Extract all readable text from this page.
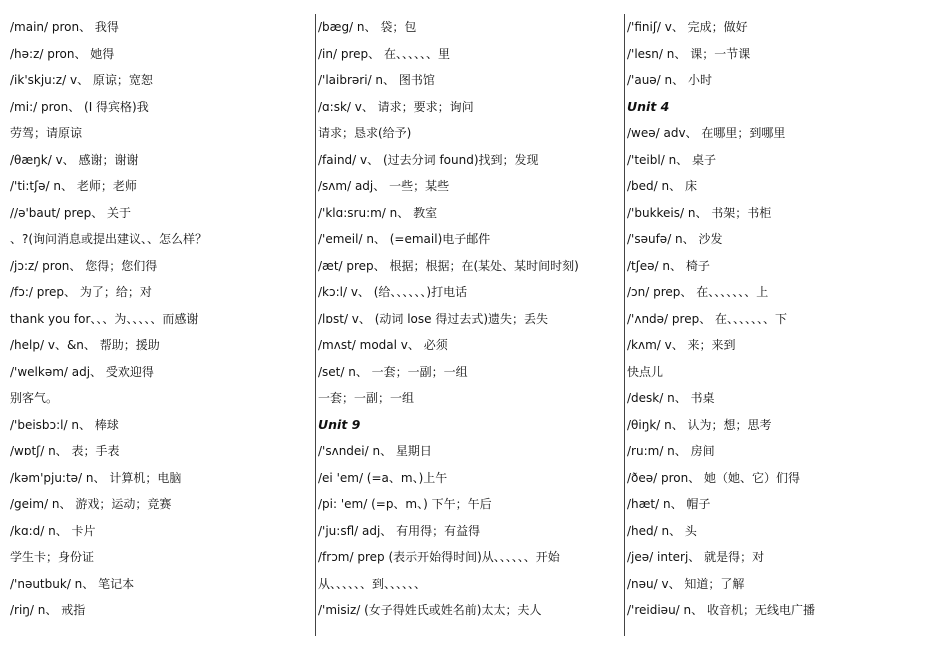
/main/ pron、 我得
/hə:z/ pron、 她得
/ik'skju:z/ v、 原谅；宽恕
/mi:/ pron、 (I 得宾格)我
劳驾；请原谅
/θæŋk/ v、 感谢；谢谢
/'ti:tʃə/ n、 老师；老师
//ə'baut/ prep、 关于
、?(询问消息或提出建议、、怎么样？
/jɔ:z/ pron、 您得；您们得
/fɔ:/ prep、 为了；给；对
thank you for、、、为、、、、、而感谢
/help/ v、&n、 帮助；援助
/'welkəm/ adj、 受欢迎得
别客气。
/'beisbɔ:l/ n、 棒球
/wɒtʃ/ n、 表；手表
/kəm'pju:tə/ n、 计算机；电脑
/geim/ n、 游戏；运动；竞赛
/kɑ:d/ n、 卡片
学生卡；身份证
/'nəutbuk/ n、 笔记本
/riŋ/ n、 戒指
/bæg/ n、 袋；包
/in/ prep、 在、、、、、、里
/'laibrəri/ n、 图书馆
/ɑ:sk/ v、 请求；要求；询问
请求；恳求(给予)
/faind/ v、 (过去分词 found)找到；发现
/sʌm/ adj、 一些；某些
/'klɑ:sru:m/ n、 教室
/'emeil/ n、 (=email)电子邮件
/æt/ prep、 根据；根据；在(某处、某时间时刻)
/kɔ:l/ v、 (给、、、、、、)打电话
/lɒst/ v、 (动词 lose 得过去式)遗失；丢失
/mʌst/ modal v、 必须
/set/ n、 一套；一副；一组
一套；一副；一组
Unit 9
/'sʌndei/ n、 星期日
/ei 'em/ (=a、m、)上午
/pi: 'em/ (=p、m、) 下午；午后
/'ju:sfl/ adj、 有用得；有益得
/frɔm/ prep (表示开始得时间)从、、、、、、开始
从、、、、、、到、、、、、、
/'misiz/ (女子得姓氏或姓名前)太太；夫人
/'finiʃ/ v、 完成；做好
/'lesn/ n、 课；一节课
/'auə/ n、 小时
Unit 4
/weə/ adv、 在哪里；到哪里
/'teibl/ n、 桌子
/bed/ n、 床
/'bukkeis/ n、 书架；书柜
/'səufə/ n、 沙发
/tʃeə/ n、 椅子
/ɔn/ prep、 在、、、、、、、上
/'ʌndə/ prep、 在、、、、、、、下
/kʌm/ v、 来；来到
快点儿
/desk/ n、 书桌
/θiŋk/ n、 认为；想；思考
/ru:m/ n、 房间
/ðeə/ pron、 她（她、它）们得
/hæt/ n、 帽子
/hed/ n、 头
/jeə/ interj、 就是得；对
/nəu/ v、 知道；了解
/'reidiəu/ n、 收音机；无线电广播
